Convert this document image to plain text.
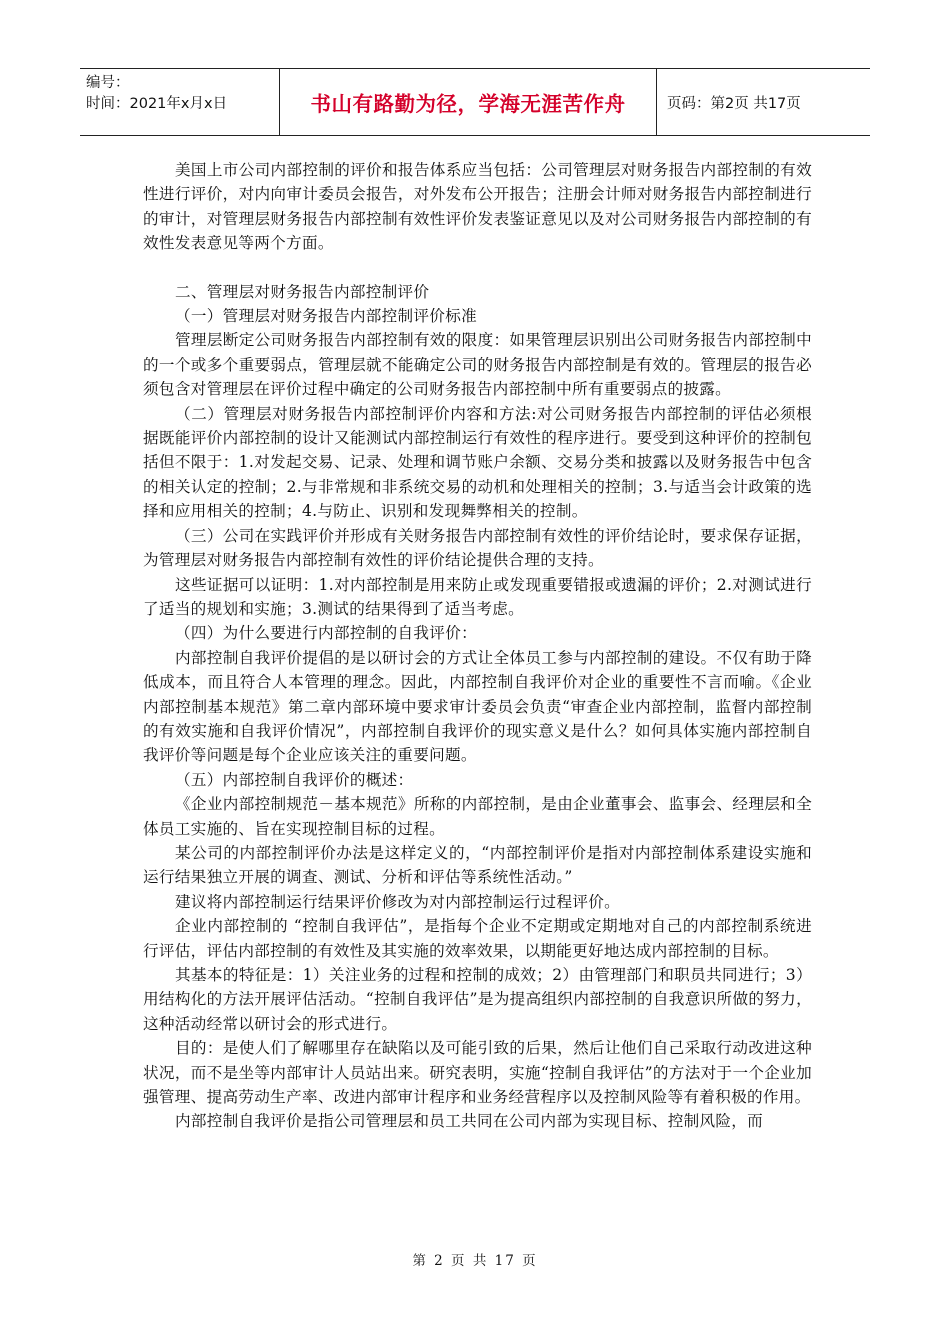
编号：
时间：2021年x月x日	书山有路勤为径，学海无涯苦作舟	页码：第2页 共17页

美国上市公司内部控制的评价和报告体系应当包括：公司管理层对财务报告内部控制的有效性进行评价，对内向审计委员会报告，对外发布公开报告；注册会计师对财务报告内部控制进行的审计，对管理层财务报告内部控制有效性评价发表鉴证意见以及对公司财务报告内部控制的有效性发表意见等两个方面。

二、管理层对财务报告内部控制评价

（一）管理层对财务报告内部控制评价标准

管理层断定公司财务报告内部控制有效的限度：如果管理层识别出公司财务报告内部控制中的一个或多个重要弱点，管理层就不能确定公司的财务报告内部控制是有效的。管理层的报告必须包含对管理层在评价过程中确定的公司财务报告内部控制中所有重要弱点的披露。

（二）管理层对财务报告内部控制评价内容和方法:对公司财务报告内部控制的评估必须根据既能评价内部控制的设计又能测试内部控制运行有效性的程序进行。要受到这种评价的控制包括但不限于：1.对发起交易、记录、处理和调节账户余额、交易分类和披露以及财务报告中包含的相关认定的控制；2.与非常规和非系统交易的动机和处理相关的控制；3.与适当会计政策的选择和应用相关的控制；4.与防止、识别和发现舞弊相关的控制。

（三）公司在实践评价并形成有关财务报告内部控制有效性的评价结论时，要求保存证据，为管理层对财务报告内部控制有效性的评价结论提供合理的支持。

这些证据可以证明：1.对内部控制是用来防止或发现重要错报或遗漏的评价；2.对测试进行了适当的规划和实施；3.测试的结果得到了适当考虑。

（四）为什么要进行内部控制的自我评价：

内部控制自我评价提倡的是以研讨会的方式让全体员工参与内部控制的建设。不仅有助于降低成本，而且符合人本管理的理念。因此，内部控制自我评价对企业的重要性不言而喻。《企业内部控制基本规范》第二章内部环境中要求审计委员会负责“审查企业内部控制，监督内部控制的有效实施和自我评价情况”，内部控制自我评价的现实意义是什么？如何具体实施内部控制自我评价等问题是每个企业应该关注的重要问题。

（五）内部控制自我评价的概述：

《企业内部控制规范－基本规范》所称的内部控制，是由企业董事会、监事会、经理层和全体员工实施的、旨在实现控制目标的过程。

某公司的内部控制评价办法是这样定义的，“内部控制评价是指对内部控制体系建设实施和运行结果独立开展的调查、测试、分析和评估等系统性活动。”

建议将内部控制运行结果评价修改为对内部控制运行过程评价。

企业内部控制的 “控制自我评估”，是指每个企业不定期或定期地对自己的内部控制系统进行评估，评估内部控制的有效性及其实施的效率效果，以期能更好地达成内部控制的目标。

其基本的特征是：1）关注业务的过程和控制的成效；2）由管理部门和职员共同进行；3）用结构化的方法开展评估活动。“控制自我评估”是为提高组织内部控制的自我意识所做的努力，这种活动经常以研讨会的形式进行。

目的：是使人们了解哪里存在缺陷以及可能引致的后果，然后让他们自己采取行动改进这种状况，而不是坐等内部审计人员站出来。研究表明，实施“控制自我评估”的方法对于一个企业加强管理、提高劳动生产率、改进内部审计程序和业务经营程序以及控制风险等有着积极的作用。

内部控制自我评价是指公司管理层和员工共同在公司内部为实现目标、控制风险，而

第 2 页 共 17 页
